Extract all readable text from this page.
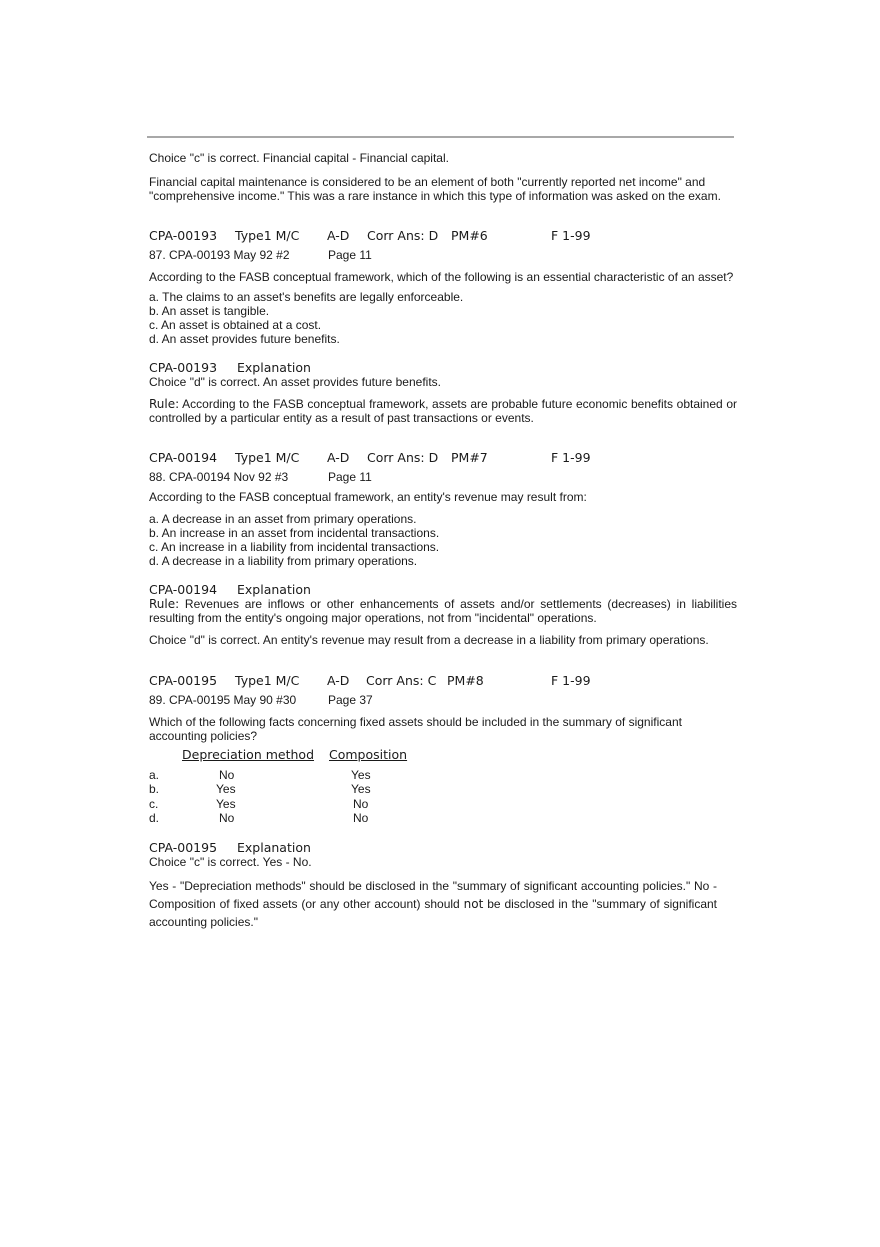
Choice "c" is correct. Financial capital - Financial capital.

Financial capital maintenance is considered to be an element of both "currently reported net income" and "comprehensive income." This was a rare instance in which this type of information was asked on the exam.

CPA-00193

Type1 M/C

A-D

Corr Ans: D

PM#6

	F 1-99

87. CPA-00193 May 92 #2	Page 11

According to the FASB conceptual framework, which of the following is an essential characteristic of an asset?

a. The claims to an asset's benefits are legally enforceable.

b. An asset is tangible.

c. An asset is obtained at a cost.

d. An asset provides future benefits.

CPA-00193 Explanation

Choice "d" is correct. An asset provides future benefits.

Rule: According to the FASB conceptual framework, assets are probable future economic benefits obtained or controlled by a particular entity as a result of past transactions or events.

CPA-00194

Type1 M/C

A-D

Corr Ans: D

PM#7

	F 1-99

88. CPA-00194 Nov 92 #3	Page 11

According to the FASB conceptual framework, an entity's revenue may result from:

a. A decrease in an asset from primary operations.

b. An increase in an asset from incidental transactions.

c. An increase in a liability from incidental transactions.

d. A decrease in a liability from primary operations.

CPA-00194 Explanation

Rule: Revenues are inflows or other enhancements of assets and/or settlements (decreases) in liabilities resulting from the entity's ongoing major operations, not from "incidental" operations.

Choice "d" is correct. An entity's revenue may result from a decrease in a liability from primary operations.

CPA-00195

Type1 M/C

A-D

Corr Ans: C

PM#8

	F 1-99

89. CPA-00195 May 90 #30	Page 37

Which of the following facts concerning fixed assets should be included in the summary of significant accounting policies?

Depreciation method Composition
a.	No	Yes
b.	Yes	Yes
c.	Yes	No
d.	No	No
CPA-00195 Explanation

Choice "c" is correct. Yes - No.

Yes - "Depreciation methods" should be disclosed in the "summary of significant accounting policies." No - Composition of fixed assets (or any other account) should not be disclosed in the "summary of significant accounting policies."
